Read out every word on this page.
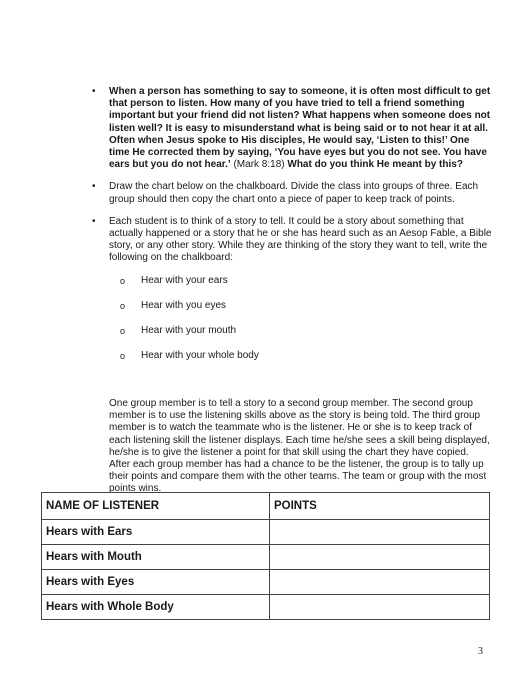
• When a person has something to say to someone, it is often most difficult to get that person to listen. How many of you have tried to tell a friend something important but your friend did not listen? What happens when someone does not listen well? It is easy to misunderstand what is being said or to not hear it at all. Often when Jesus spoke to His disciples, He would say, ‘Listen to this!’ One time He corrected them by saying, ‘You have eyes but you do not see. You have ears but you do not hear.’ (Mark 8:18) What do you think He meant by this?
• Draw the chart below on the chalkboard. Divide the class into groups of three. Each group should then copy the chart onto a piece of paper to keep track of points.
• Each student is to think of a story to tell. It could be a story about something that actually happened or a story that he or she has heard such as an Aesop Fable, a Bible story, or any other story. While they are thinking of the story they want to tell, write the following on the chalkboard:
o Hear with your ears
o Hear with you eyes
o Hear with your mouth
o Hear with your whole body

One group member is to tell a story to a second group member. The second group member is to use the listening skills above as the story is being told. The third group member is to watch the teammate who is the listener. He or she is to keep track of each listening skill the listener displays. Each time he/she sees a skill being displayed, he/she is to give the listener a point for that skill using the chart they have copied. After each group member has had a chance to be the listener, the group is to tally up their points and compare them with the other teams. The team or group with the most points wins.

NAME OF LISTENER	POINTS
Hears with Ears	
Hears with Mouth	
Hears with Eyes	
Hears with Whole Body	
3
